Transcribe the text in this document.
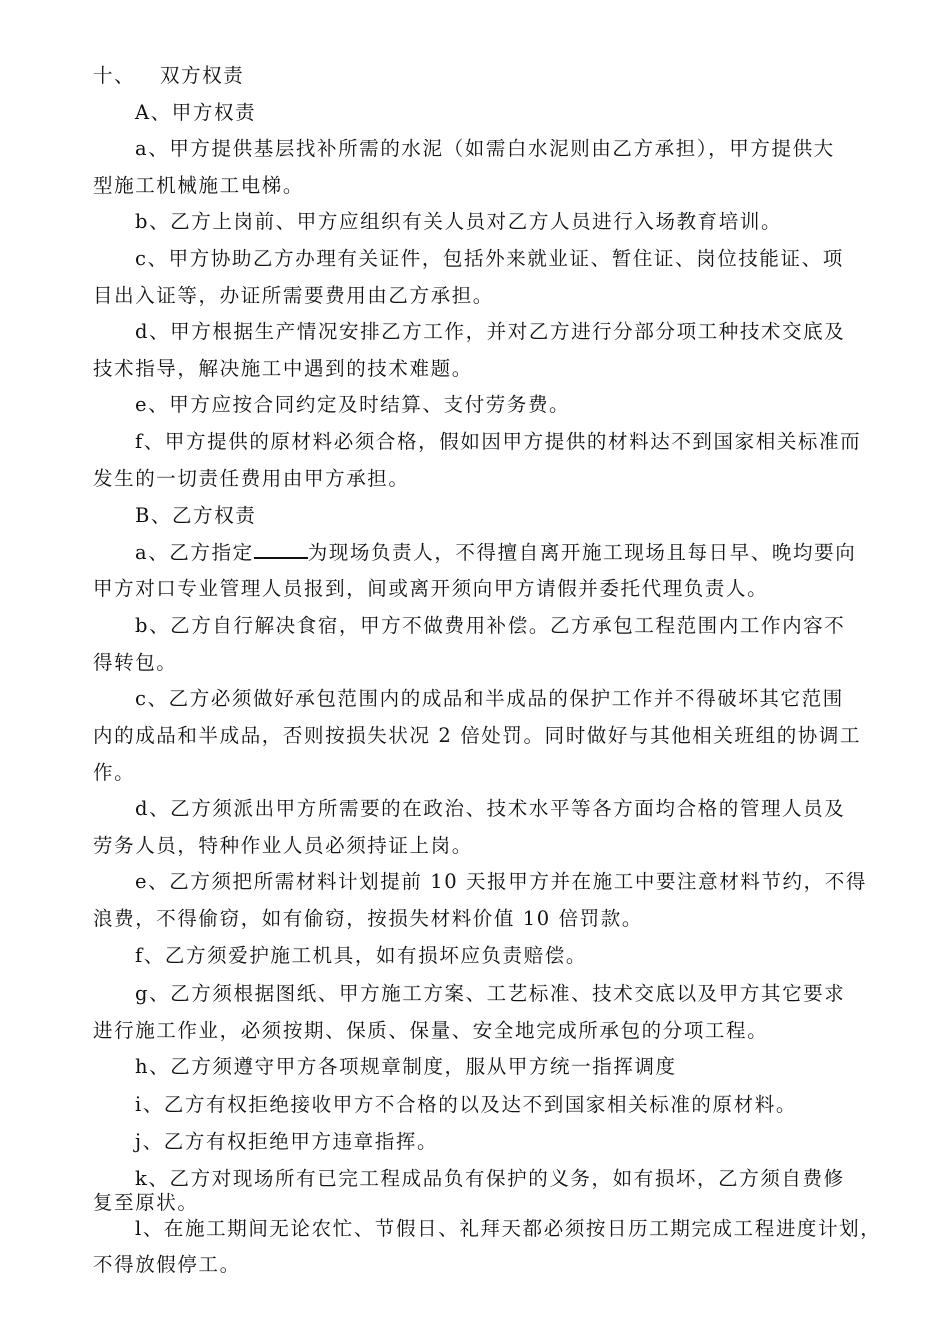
十、 双方权责

A、甲方权责

a、甲方提供基层找补所需的水泥（如需白水泥则由乙方承担），甲方提供大

型施工机械施工电梯。

b、乙方上岗前、甲方应组织有关人员对乙方人员进行入场教育培训。

c、甲方协助乙方办理有关证件，包括外来就业证、暂住证、岗位技能证、项

目出入证等，办证所需要费用由乙方承担。

d、甲方根据生产情况安排乙方工作，并对乙方进行分部分项工种技术交底及

技术指导，解决施工中遇到的技术难题。

e、甲方应按合同约定及时结算、支付劳务费。

f、甲方提供的原材料必须合格，假如因甲方提供的材料达不到国家相关标准而

发生的一切责任费用由甲方承担。

B、乙方权责

a、乙方指定	为现场负责人，不得擅自离开施工现场且每日早、晚均要向

甲方对口专业管理人员报到，间或离开须向甲方请假并委托代理负责人。

b、乙方自行解决食宿，甲方不做费用补偿。乙方承包工程范围内工作内容不

得转包。

c、乙方必须做好承包范围内的成品和半成品的保护工作并不得破坏其它范围

内的成品和半成品，否则按损失状况 2 倍处罚。同时做好与其他相关班组的协调工

作。

d、乙方须派出甲方所需要的在政治、技术水平等各方面均合格的管理人员及

劳务人员，特种作业人员必须持证上岗。

e、乙方须把所需材料计划提前 10 天报甲方并在施工中要注意材料节约，不得

浪费，不得偷窃，如有偷窃，按损失材料价值 10 倍罚款。

f、乙方须爱护施工机具，如有损坏应负责赔偿。

g、乙方须根据图纸、甲方施工方案、工艺标准、技术交底以及甲方其它要求

进行施工作业，必须按期、保质、保量、安全地完成所承包的分项工程。

h、乙方须遵守甲方各项规章制度，服从甲方统一指挥调度

i、乙方有权拒绝接收甲方不合格的以及达不到国家相关标准的原材料。

j、乙方有权拒绝甲方违章指挥。

k、乙方对现场所有已完工程成品负有保护的义务，如有损坏，乙方须自费修

复至原状。

l、在施工期间无论农忙、节假日、礼拜天都必须按日历工期完成工程进度计划，

不得放假停工。
